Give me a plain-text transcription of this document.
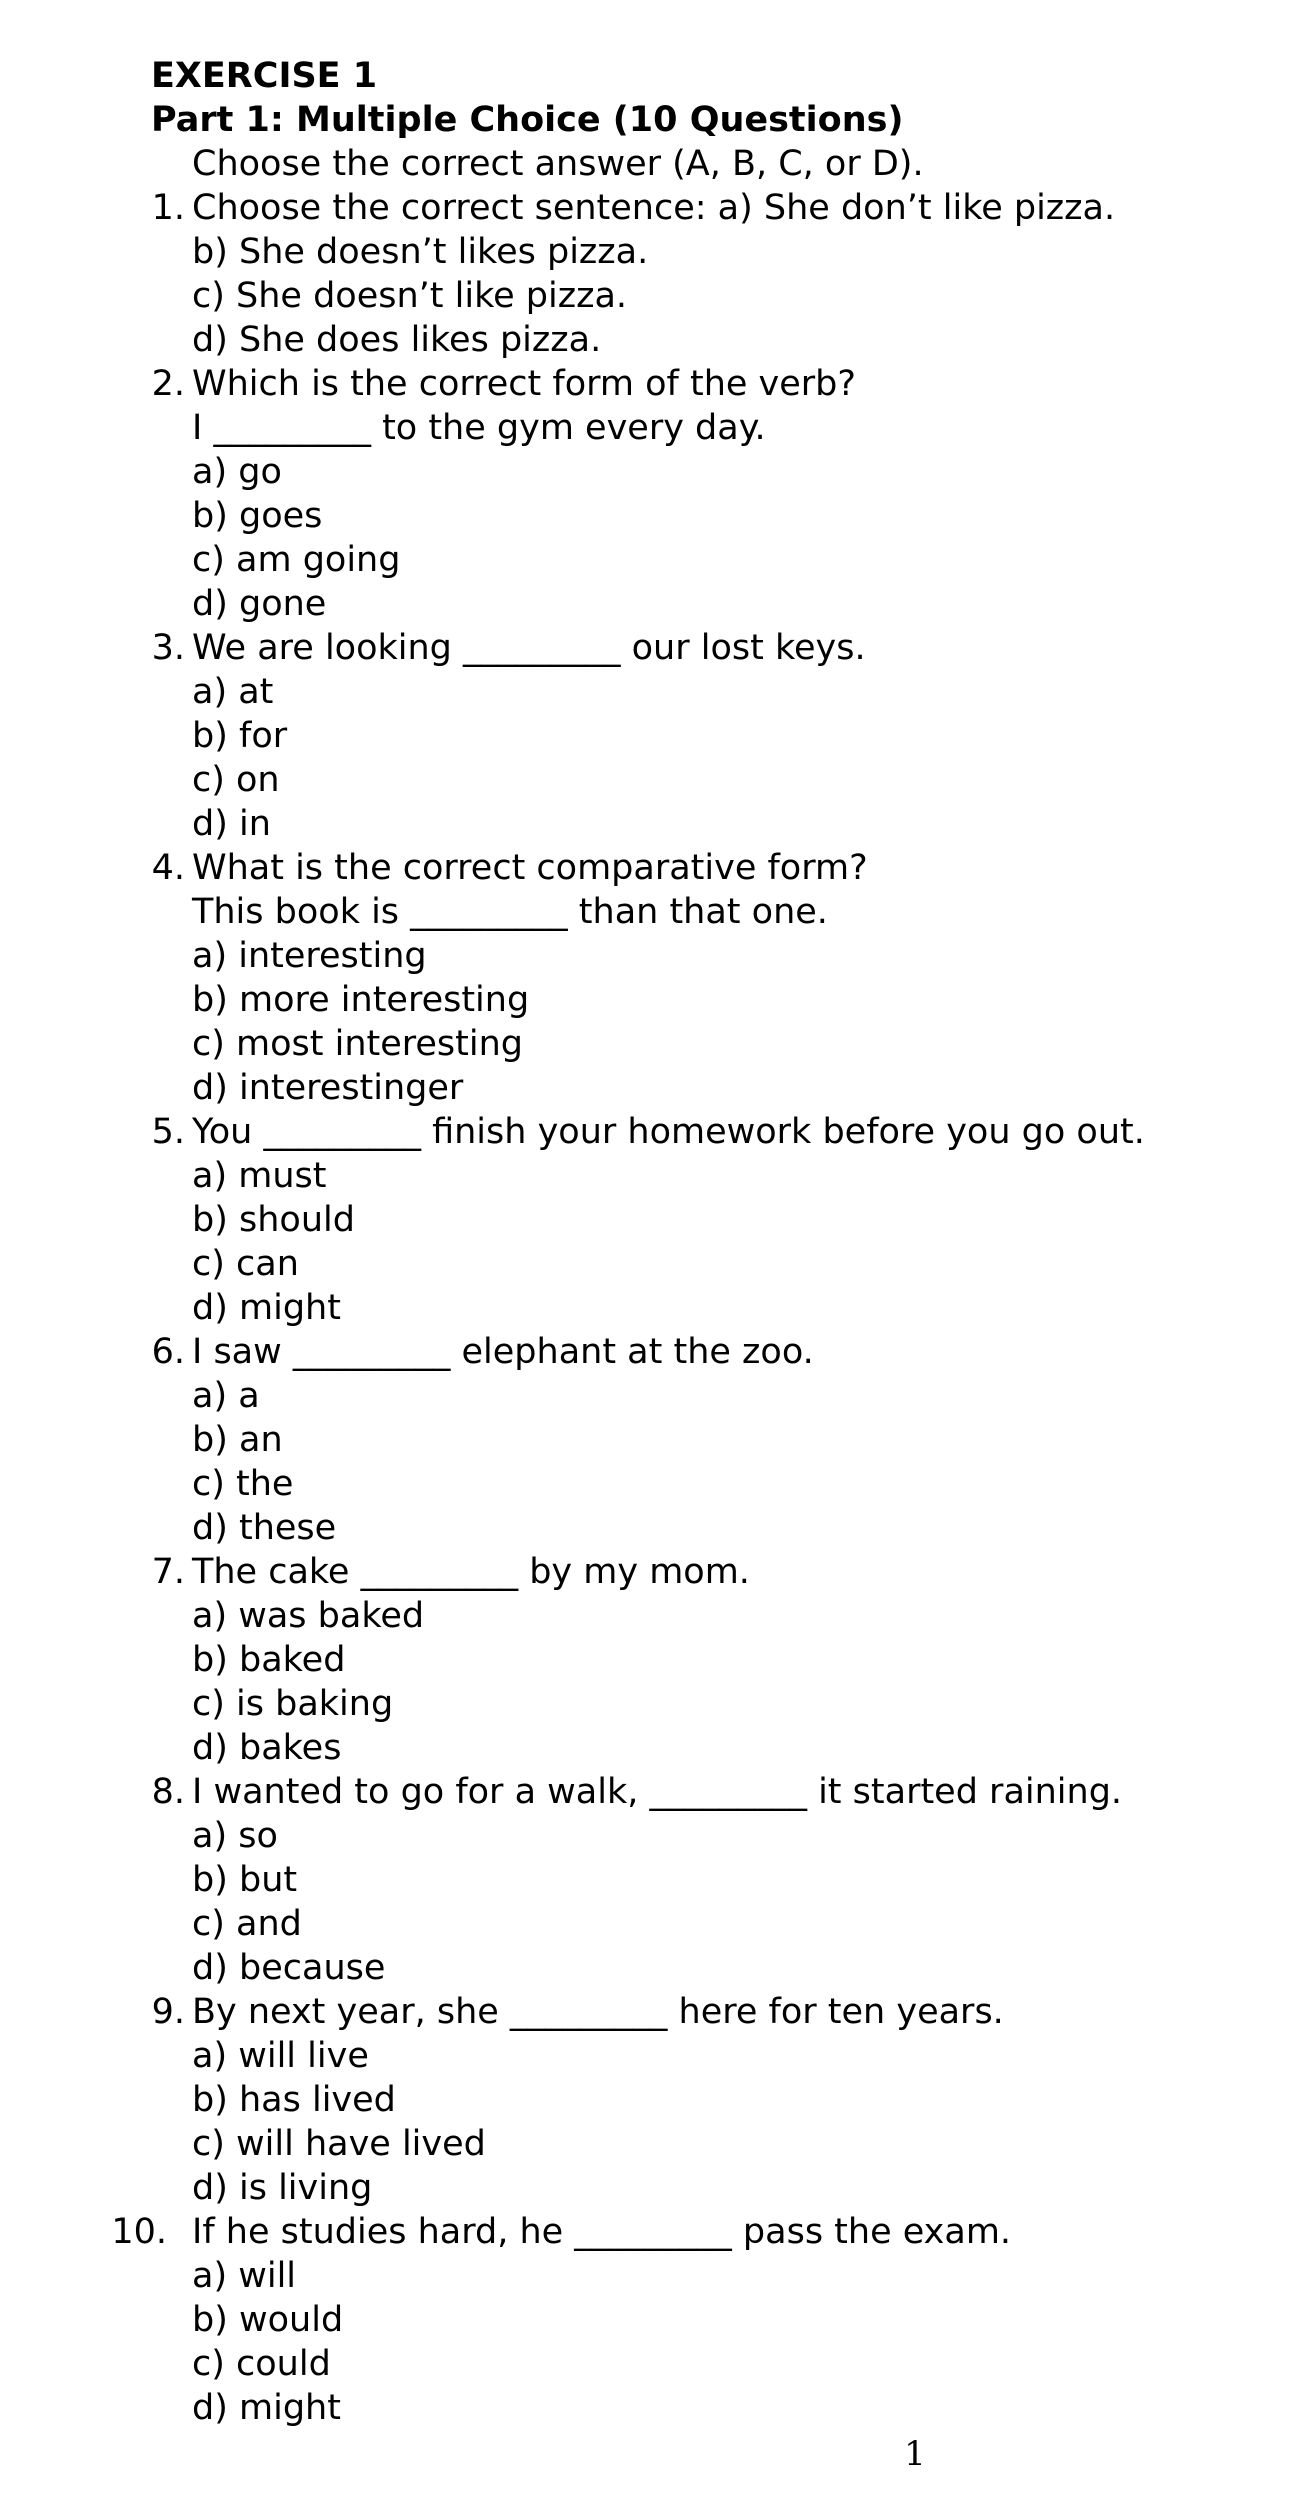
EXERCISE 1
Part 1: Multiple Choice (10 Questions)
Choose the correct answer (A, B, C, or D).
1. Choose the correct sentence: a) She don’t like pizza.
b) She doesn’t likes pizza.
c) She doesn’t like pizza.
d) She does likes pizza.
2. Which is the correct form of the verb?
I _________ to the gym every day.
a) go
b) goes
c) am going
d) gone
3. We are looking _________ our lost keys.
a) at
b) for
c) on
d) in
4. What is the correct comparative form?
This book is _________ than that one.
a) interesting
b) more interesting
c) most interesting
d) interestinger
5. You _________ finish your homework before you go out.
a) must
b) should
c) can
d) might
6. I saw _________ elephant at the zoo.
a) a
b) an
c) the
d) these
7. The cake _________ by my mom.
a) was baked
b) baked
c) is baking
d) bakes
8. I wanted to go for a walk, _________ it started raining.
a) so
b) but
c) and
d) because
9. By next year, she _________ here for ten years.
a) will live
b) has lived
c) will have lived
d) is living
10. If he studies hard, he _________ pass the exam.
a) will
b) would
c) could
d) might
1
